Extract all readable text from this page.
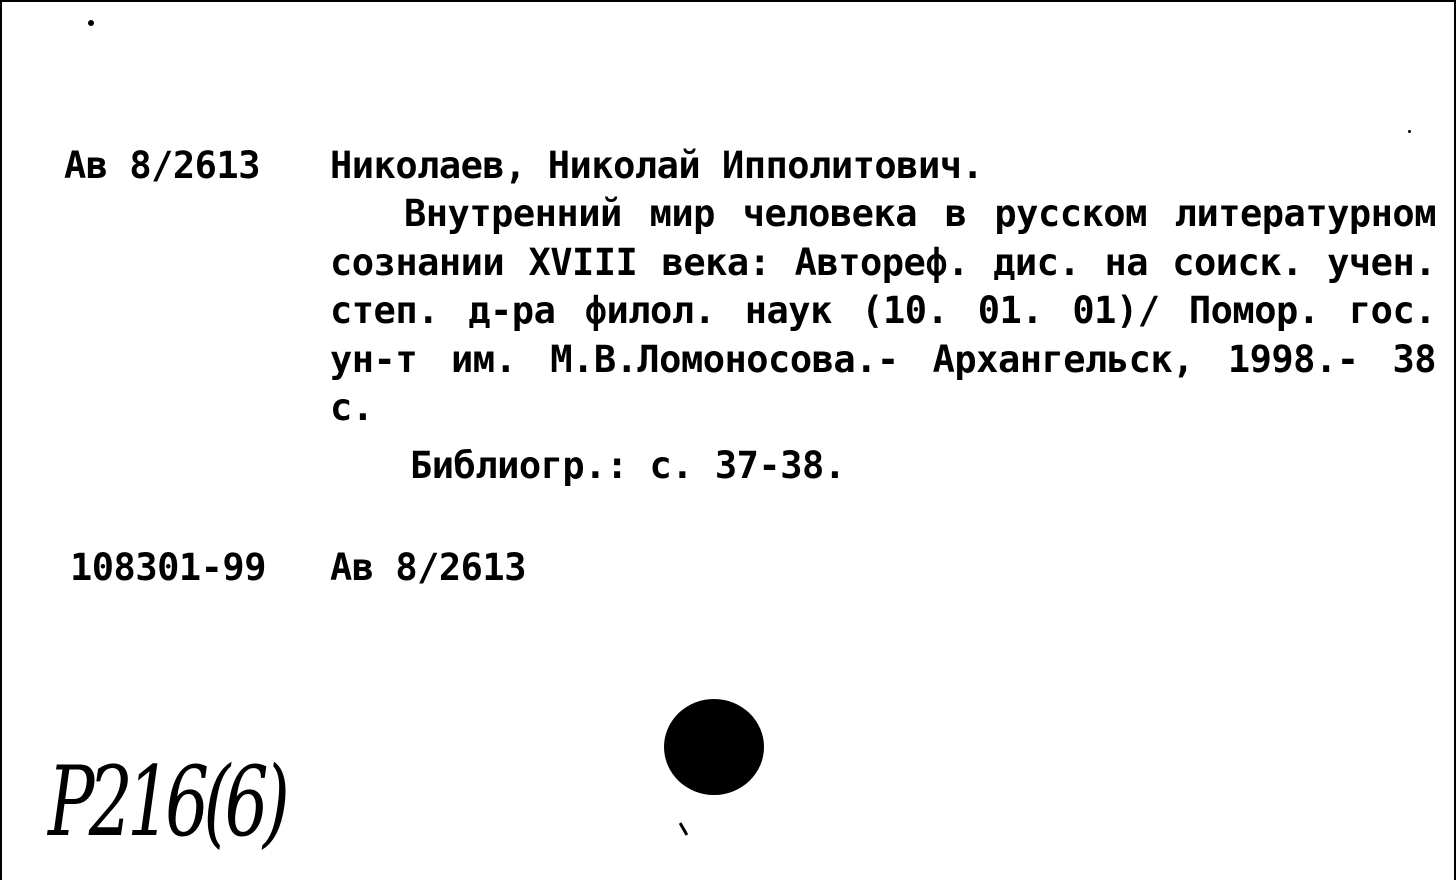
Ав 8/2613 Николаев, Николай Ипполитович.
Внутренний мир человека в русском литературном сознании XVIII века: Автореф. дис. на соиск. учен. степ. д-ра филол. наук (10. 01. 01)/ Помор. гос. ун-т им. М.В.Ломоносова.- Архангельск, 1998.- 38 с.
Библиогр.: с. 37-38.
108301-99 Ав 8/2613
P216(6)
